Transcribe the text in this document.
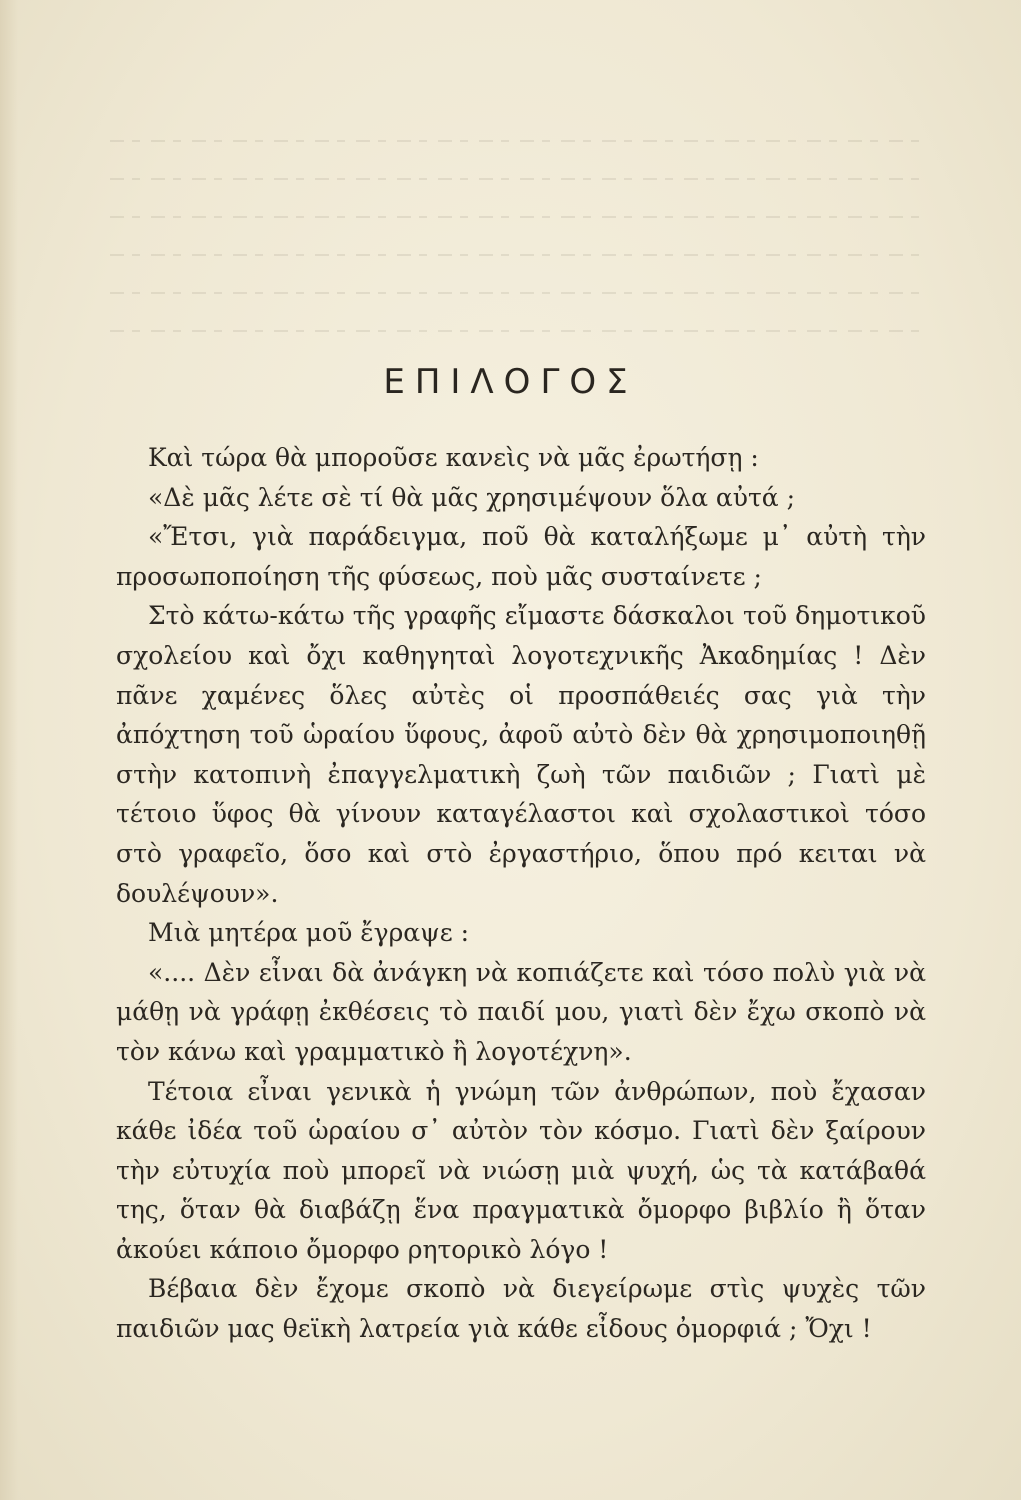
ΕΠΙΛΟΓΟΣ

Καὶ τώρα θὰ μποροῦσε κανεὶς νὰ μᾶς ἐρωτήσῃ :

«Δὲ μᾶς λέτε σὲ τί θὰ μᾶς χρησιμέψουν ὅλα αὐτά ;

«Ἔτσι, γιὰ παράδειγμα, ποῦ θὰ καταλήξωμε μ᾽ αὐτὴ τὴν προσωποποίηση τῆς φύσεως, ποὺ μᾶς συσταίνετε ;

Στὸ κάτω-κάτω τῆς γραφῆς εἴμαστε δάσκαλοι τοῦ δημοτικοῦ σχολείου καὶ ὄχι καθηγηταὶ λογοτεχνικῆς Ἀκαδημίας ! Δὲν πᾶνε χαμένες ὅλες αὐτὲς οἱ προσπάθειές σας γιὰ τὴν ἀπόχτηση τοῦ ὡραίου ὕφους, ἀφοῦ αὐτὸ δὲν θὰ χρησιμοποιηθῇ στὴν κατοπινὴ ἐπαγγελματικὴ ζωὴ τῶν παιδιῶν ; Γιατὶ μὲ τέτοιο ὕφος θὰ γίνουν καταγέλαστοι καὶ σχολαστικοὶ τόσο στὸ γραφεῖο, ὅσο καὶ στὸ ἐργαστήριο, ὅπου πρό κειται νὰ δουλέψουν».

Μιὰ μητέρα μοῦ ἔγραψε :

«.... Δὲν εἶναι δὰ ἀνάγκη νὰ κοπιάζετε καὶ τόσο πολὺ γιὰ νὰ μάθῃ νὰ γράφῃ ἐκθέσεις τὸ παιδί μου, γιατὶ δὲν ἔχω σκοπὸ νὰ τὸν κάνω καὶ γραμματικὸ ἢ λογοτέχνη».

Τέτοια εἶναι γενικὰ ἡ γνώμη τῶν ἀνθρώπων, ποὺ ἔχασαν κάθε ἰδέα τοῦ ὡραίου σ᾽ αὐτὸν τὸν κόσμο. Γιατὶ δὲν ξαίρουν τὴν εὐτυχία ποὺ μπορεῖ νὰ νιώσῃ μιὰ ψυχή, ὡς τὰ κατάβαθά της, ὅταν θὰ διαβάζῃ ἕνα πραγματικὰ ὄμορφο βιβλίο ἢ ὅταν ἀκούει κάποιο ὄμορφο ρητορικὸ λόγο !

Βέβαια δὲν ἔχομε σκοπὸ νὰ διεγείρωμε στὶς ψυχὲς τῶν παιδιῶν μας θεϊκὴ λατρεία γιὰ κάθε εἶδους ὀμορφιά ; Ὄχι !
